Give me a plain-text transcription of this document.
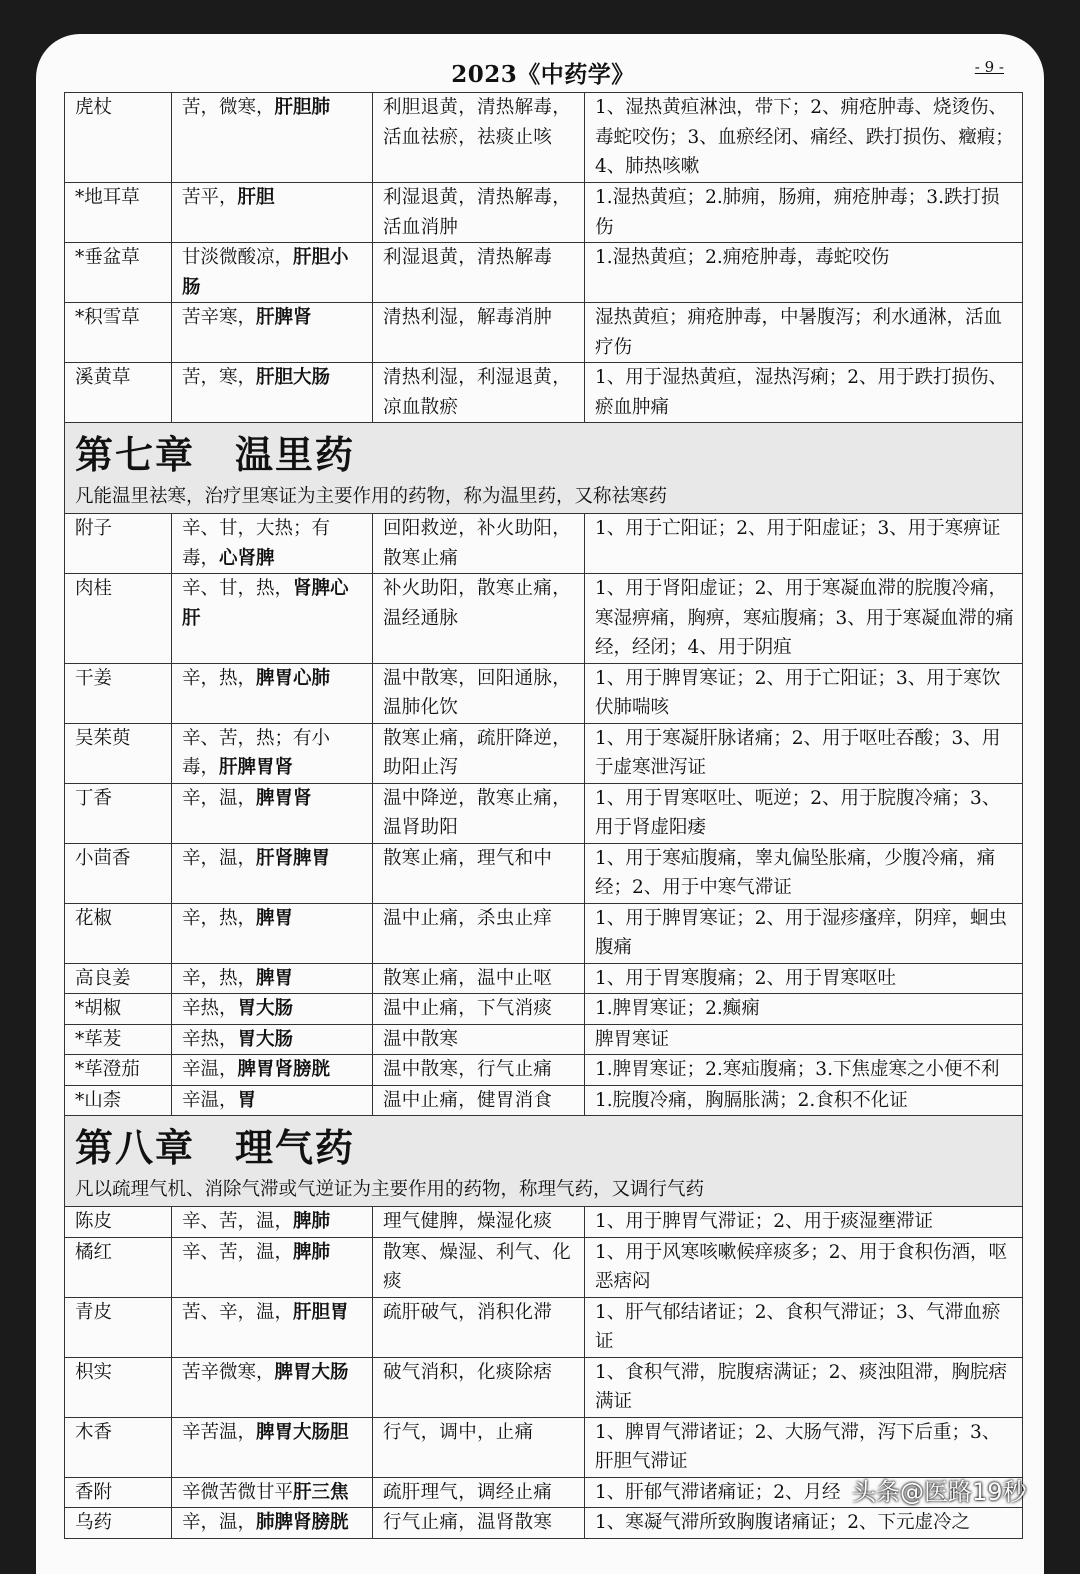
2023《中药学》	- 9 -
虎杖	苦，微寒，肝胆肺	利胆退黄，清热解毒，活血祛瘀，祛痰止咳	1、湿热黄疸淋浊，带下；2、痈疮肿毒、烧烫伤、毒蛇咬伤；3、血瘀经闭、痛经、跌打损伤、癥瘕；4、肺热咳嗽
*地耳草	苦平，肝胆	利湿退黄，清热解毒，活血消肿	1.湿热黄疸；2.肺痈，肠痈，痈疮肿毒；3.跌打损伤
*垂盆草	甘淡微酸凉，肝胆小肠	利湿退黄，清热解毒	1.湿热黄疸；2.痈疮肿毒，毒蛇咬伤
*积雪草	苦辛寒，肝脾肾	清热利湿，解毒消肿	湿热黄疸；痈疮肿毒，中暑腹泻；利水通淋，活血疗伤
溪黄草	苦，寒，肝胆大肠	清热利湿，利湿退黄，凉血散瘀	1、用于湿热黄疸，湿热泻痢；2、用于跌打损伤、瘀血肿痛

第七章　温里药
凡能温里祛寒，治疗里寒证为主要作用的药物，称为温里药，又称祛寒药			

附子	辛、甘，大热；有毒，心肾脾	回阳救逆，补火助阳，散寒止痛	1、用于亡阳证；2、用于阳虚证；3、用于寒痹证
肉桂	辛、甘，热，肾脾心肝	补火助阳，散寒止痛，温经通脉	1、用于肾阳虚证；2、用于寒凝血滞的脘腹冷痛，寒湿痹痛，胸痹，寒疝腹痛；3、用于寒凝血滞的痛经，经闭；4、用于阴疽
干姜	辛，热，脾胃心肺	温中散寒，回阳通脉，温肺化饮	1、用于脾胃寒证；2、用于亡阳证；3、用于寒饮伏肺喘咳
吴茱萸	辛、苦，热；有小毒，肝脾胃肾	散寒止痛，疏肝降逆，助阳止泻	1、用于寒凝肝脉诸痛；2、用于呕吐吞酸；3、用于虚寒泄泻证
丁香	辛，温，脾胃肾	温中降逆，散寒止痛，温肾助阳	1、用于胃寒呕吐、呃逆；2、用于脘腹冷痛；3、用于肾虚阳痿
小茴香	辛，温，肝肾脾胃	散寒止痛，理气和中	1、用于寒疝腹痛，睾丸偏坠胀痛，少腹冷痛，痛经；2、用于中寒气滞证
花椒	辛，热，脾胃	温中止痛，杀虫止痒	1、用于脾胃寒证；2、用于湿疹瘙痒，阴痒，蛔虫腹痛
高良姜	辛，热，脾胃	散寒止痛，温中止呕	1、用于胃寒腹痛；2、用于胃寒呕吐
*胡椒	辛热，胃大肠	温中止痛，下气消痰	1.脾胃寒证；2.癫痫
*荜茇	辛热，胃大肠	温中散寒	脾胃寒证
*荜澄茄	辛温，脾胃肾膀胱	温中散寒，行气止痛	1.脾胃寒证；2.寒疝腹痛；3.下焦虚寒之小便不利
*山柰	辛温，胃	温中止痛，健胃消食	1.脘腹冷痛，胸膈胀满；2.食积不化证

第八章　理气药
凡以疏理气机、消除气滞或气逆证为主要作用的药物，称理气药，又调行气药			

陈皮	辛、苦，温，脾肺	理气健脾，燥湿化痰	1、用于脾胃气滞证；2、用于痰湿壅滞证
橘红	辛、苦，温，脾肺	散寒、燥湿、利气、化痰	1、用于风寒咳嗽候痒痰多；2、用于食积伤酒，呕恶痞闷
青皮	苦、辛，温，肝胆胃	疏肝破气，消积化滞	1、肝气郁结诸证；2、食积气滞证；3、气滞血瘀证
枳实	苦辛微寒，脾胃大肠	破气消积，化痰除痞	1、食积气滞，脘腹痞满证；2、痰浊阻滞，胸脘痞满证
木香	辛苦温，脾胃大肠胆	行气，调中，止痛	1、脾胃气滞诸证；2、大肠气滞，泻下后重；3、肝胆气滞证
香附	辛微苦微甘平肝三焦	疏肝理气，调经止痛	1、肝郁气滞诸痛证；2、月经
乌药	辛，温，肺脾肾膀胱	行气止痛，温肾散寒	1、寒凝气滞所致胸腹诸痛证；2、下元虚冷之
头条@医路19秒
